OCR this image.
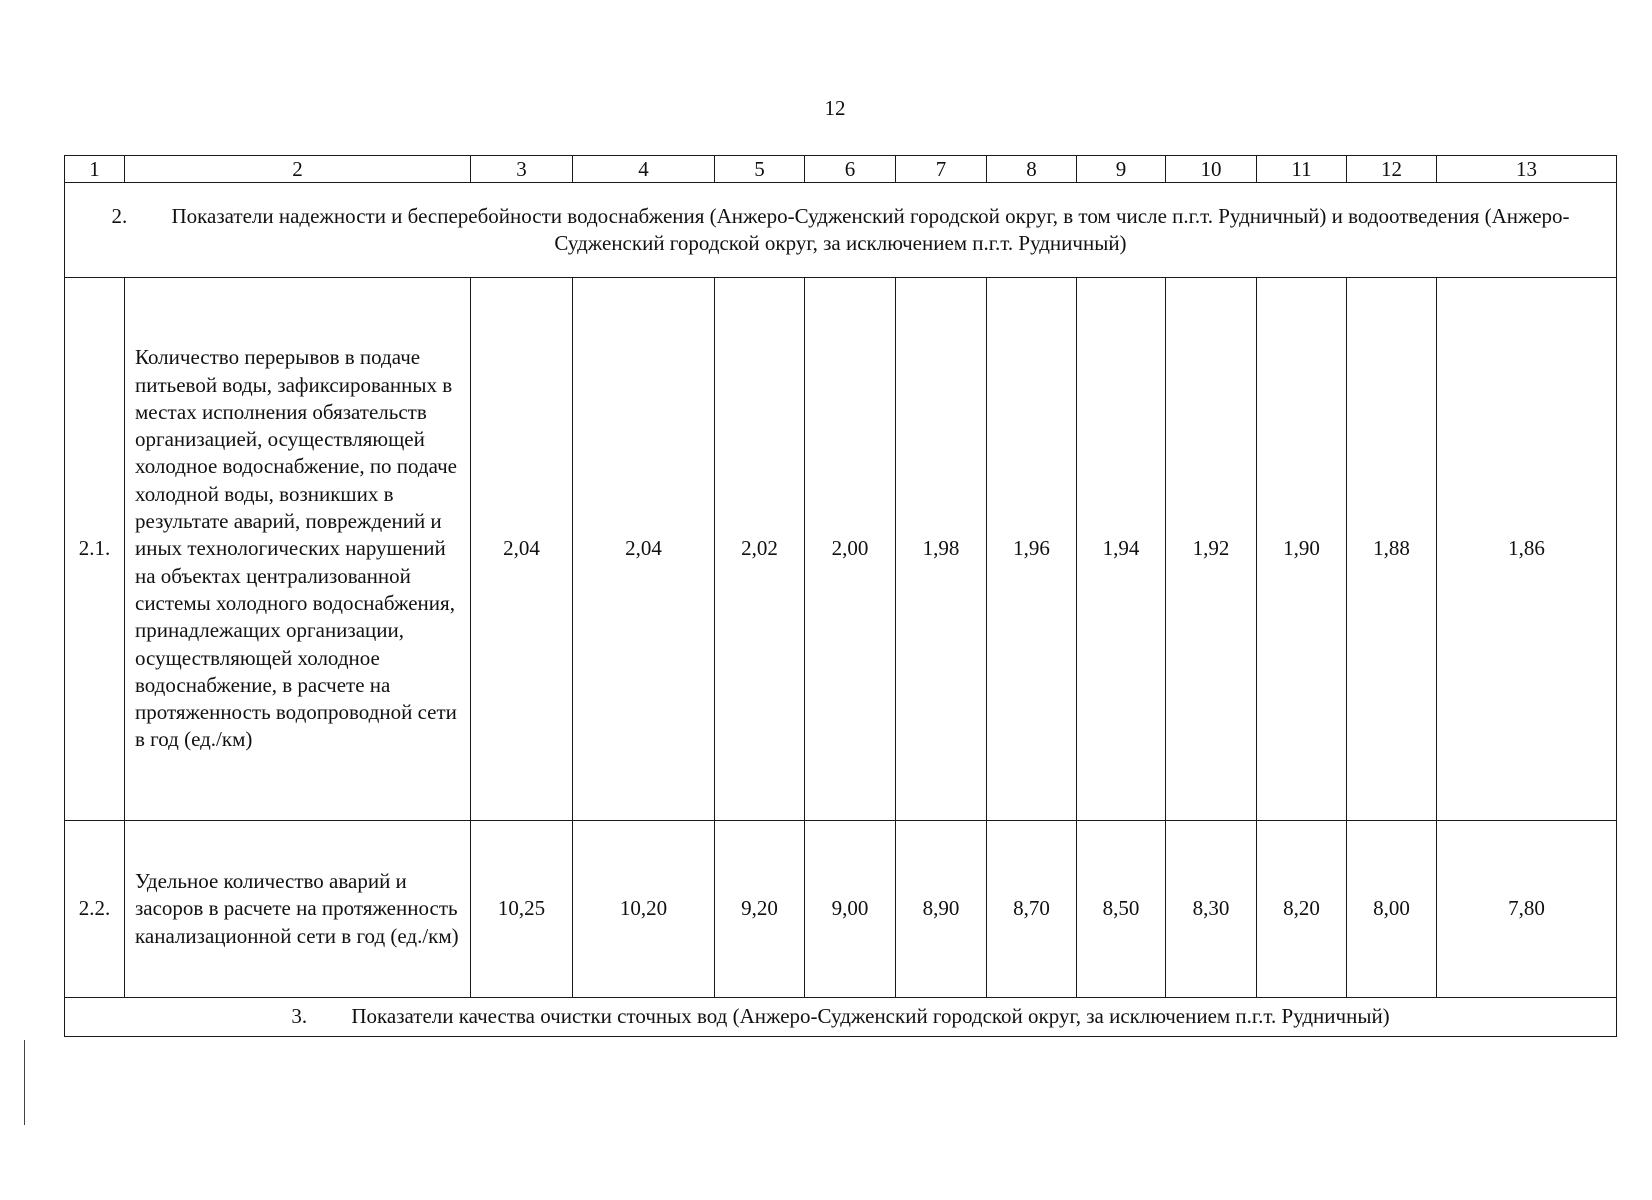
12
1	2	3	4	5	6	7	8	9	10	11	12	13
2. Показатели надежности и бесперебойности водоснабжения (Анжеро-Судженский городской округ, в том числе п.г.т. Рудничный) и водоотведения (Анжеро-Судженский городской округ, за исключением п.г.т. Рудничный)												
2.1.	Количество перерывов в подаче питьевой воды, зафиксированных в местах исполнения обязательств организацией, осуществляющей холодное водоснабжение, по подаче холодной воды, возникших в результате аварий, повреждений и иных технологических нарушений на объектах централизованной системы холодного водоснабжения, принадлежащих организации, осуществляющей холодное водоснабжение, в расчете на протяженность водопроводной сети в год (ед./км)	2,04	2,04	2,02	2,00	1,98	1,96	1,94	1,92	1,90	1,88	1,86
2.2.	Удельное количество аварий и засоров в расчете на протяженность канализационной сети в год (ед./км)	10,25	10,20	9,20	9,00	8,90	8,70	8,50	8,30	8,20	8,00	7,80
3. Показатели качества очистки сточных вод (Анжеро-Судженский городской округ, за исключением п.г.т. Рудничный)												
